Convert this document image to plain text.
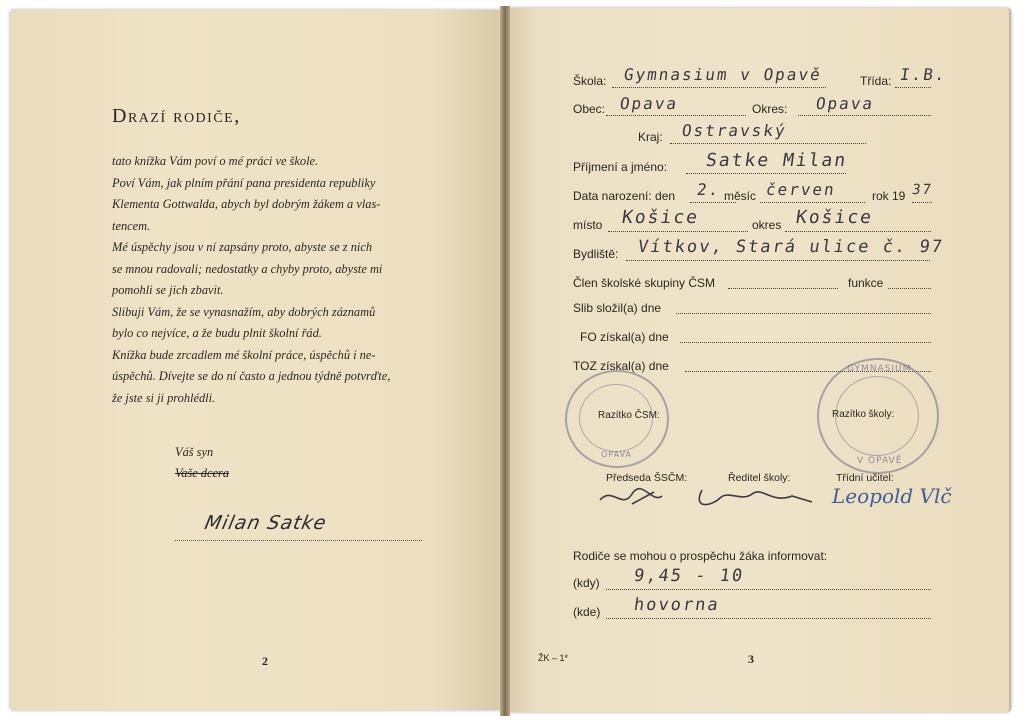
Drazí rodiče,
tato knížka Vám poví o mé práci ve škole.
Poví Vám, jak plním přání pana presidenta republiky
Klementa Gottwalda, abych byl dobrým žákem a vlas-
tencem.
Mé úspěchy jsou v ní zapsány proto, abyste se z nich
se mnou radovali; nedostatky a chyby proto, abyste mi
pomohli se jich zbavit.
Slibuji Vám, že se vynasnažím, aby dobrých záznamů
bylo co nejvíce, a že budu plnit školní řád.
Knížka bude zrcadlem mé školní práce, úspěchů i ne-
úspěchů. Dívejte se do ní často a jednou týdně potvrďte,
že jste si ji prohlédli.
Váš syn
Vaše dcera
Milan Satke
2
Škola: Gymnasium v Opavě	Třída: I.B.
Obec: Opava	Okres: Opava
Kraj: Ostravský
Příjmení a jméno: Satke Milan
Data narození: den 2. měsíc červen	rok 19 37
místo Košice	okres Košice
Bydliště: Vítkov, Stará ulice č. 97
Člen školské skupiny ČSM	funkce
Slib složil(a) dne
FO získal(a) dne
TOZ získal(a) dne
OPAVA
Razítko ČSM:
GYMNASIUM
V OPAVĚ
Razítko školy:
Předseda ŠSČM:	Ředitel školy:	Třídní učitel:
Leopold Vlč
Rodiče se mohou o prospěchu žáka informovat:
(kdy) 9,45 - 10
(kde) hovorna
ŽK – 1*	3
